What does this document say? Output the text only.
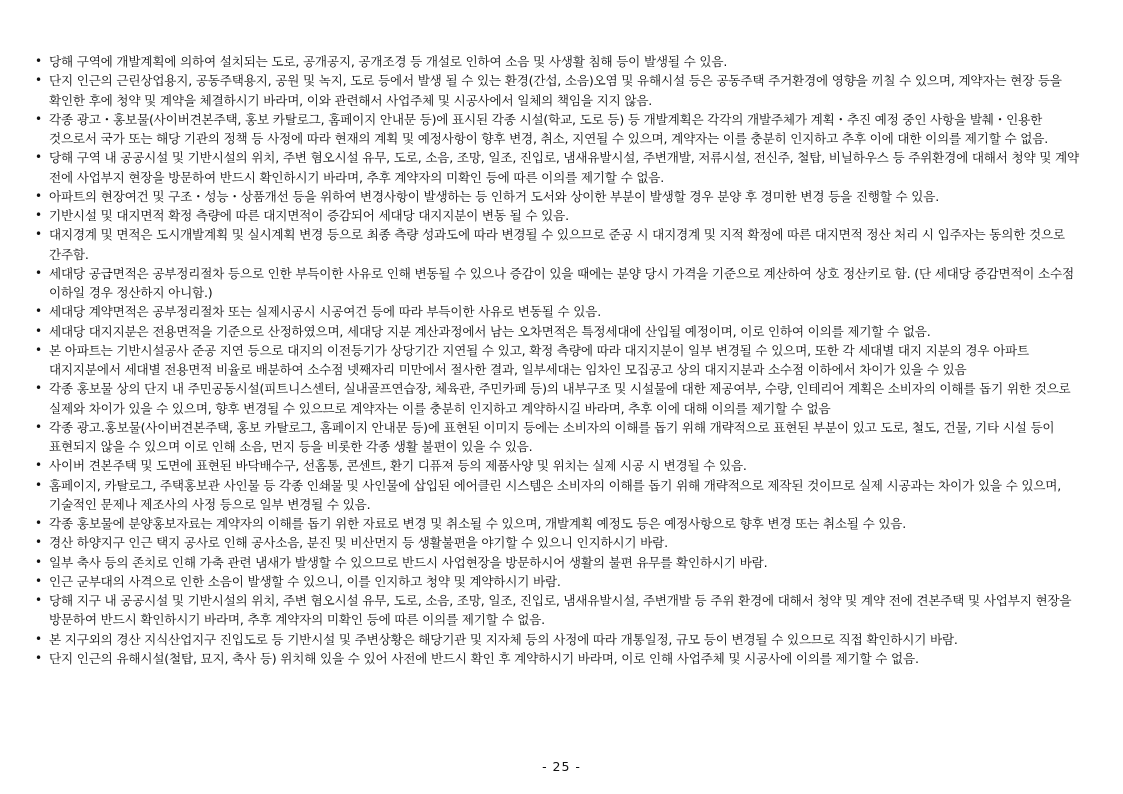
• 당해 구역에 개발계획에 의하여 설치되는 도로, 공개공지, 공개조경 등 개설로 인하여 소음 및 사생활 침해 등이 발생될 수 있음.
• 단지 인근의 근린상업용지, 공동주택용지, 공원 및 녹지, 도로 등에서 발생 될 수 있는 환경(간섭, 소음)오염 및 유해시설 등은 공동주택 주거환경에 영향을 끼칠 수 있으며, 계약자는 현장 등을 확인한 후에 청약 및 계약을 체결하시기 바라며, 이와 관련해서 사업주체 및 시공사에서 일체의 책임을 지지 않음.
• 각종 광고・홍보물(사이버견본주택, 홍보 카탈로그, 홈페이지 안내문 등)에 표시된 각종 시설(학교, 도로 등) 등 개발계획은 각각의 개발주체가 계획・추진 예정 중인 사항을 발췌・인용한 것으로서 국가 또는 해당 기관의 정책 등 사정에 따라 현재의 계획 및 예정사항이 향후 변경, 취소, 지연될 수 있으며, 계약자는 이를 충분히 인지하고 추후 이에 대한 이의를 제기할 수 없음.
• 당해 구역 내 공공시설 및 기반시설의 위치, 주변 혐오시설 유무, 도로, 소음, 조망, 일조, 진입로, 냄새유발시설, 주변개발, 저류시설, 전신주, 철탑, 비닐하우스 등 주위환경에 대해서 청약 및 계약 전에 사업부지 현장을 방문하여 반드시 확인하시기 바라며, 추후 계약자의 미확인 등에 따른 이의를 제기할 수 없음.
• 아파트의 현장여건 및 구조・성능・상품개선 등을 위하여 변경사항이 발생하는 등 인하거 도서와 상이한 부분이 발생할 경우 분양 후 경미한 변경 등을 진행할 수 있음.
• 기반시설 및 대지면적 확정 측량에 따른 대지면적이 증감되어 세대당 대지지분이 변동 될 수 있음.
• 대지경계 및 면적은 도시개발계획 및 실시계획 변경 등으로 최종 측량 성과도에 따라 변경될 수 있으므로 준공 시 대지경계 및 지적 확정에 따른 대지면적 정산 처리 시 입주자는 동의한 것으로 간주함.
• 세대당 공급면적은 공부정리절차 등으로 인한 부득이한 사유로 인해 변동될 수 있으나 증감이 있을 때에는 분양 당시 가격을 기준으로 계산하여 상호 정산키로 함. (단 세대당 증감면적이 소수점 이하일 경우 정산하지 아니함.)
• 세대당 계약면적은 공부정리절차 또는 실제시공시 시공여건 등에 따라 부득이한 사유로 변동될 수 있음.
• 세대당 대지지분은 전용면적을 기준으로 산정하였으며, 세대당 지분 계산과정에서 남는 오차면적은 특정세대에 산입될 예정이며, 이로 인하여 이의를 제기할 수 없음.
• 본 아파트는 기반시설공사 준공 지연 등으로 대지의 이전등기가 상당기간 지연될 수 있고, 확정 측량에 따라 대지지분이 일부 변경될 수 있으며, 또한 각 세대별 대지 지분의 경우 아파트 대지지분에서 세대별 전용면적 비율로 배분하여 소수점 넷째자리 미만에서 절사한 결과, 일부세대는 임차인 모집공고 상의 대지지분과 소수점 이하에서 차이가 있을 수 있음
• 각종 홍보물 상의 단지 내 주민공동시설(피트니스센터, 실내골프연습장, 체육관, 주민카페 등)의 내부구조 및 시설물에 대한 제공여부, 수량, 인테리어 계획은 소비자의 이해를 돕기 위한 것으로 실제와 차이가 있을 수 있으며, 향후 변경될 수 있으므로 계약자는 이를 충분히 인지하고 계약하시길 바라며, 추후 이에 대해 이의를 제기할 수 없음
• 각종 광고․홍보물(사이버견본주택, 홍보 카탈로그, 홈페이지 안내문 등)에 표현된 이미지 등에는 소비자의 이해를 돕기 위해 개략적으로 표현된 부분이 있고 도로, 철도, 건물, 기타 시설 등이 표현되지 않을 수 있으며 이로 인해 소음, 먼지 등을 비롯한 각종 생활 불편이 있을 수 있음.
• 사이버 견본주택 및 도면에 표현된 바닥배수구, 선홈통, 콘센트, 환기 디퓨져 등의 제품사양 및 위치는 실제 시공 시 변경될 수 있음.
• 홈페이지, 카탈로그, 주택홍보관 사인물 등 각종 인쇄물 및 사인물에 삽입된 에어클린 시스템은 소비자의 이해를 돕기 위해 개략적으로 제작된 것이므로 실제 시공과는 차이가 있을 수 있으며, 기술적인 문제나 제조사의 사정 등으로 일부 변경될 수 있음.
• 각종 홍보물에 분양홍보자료는 계약자의 이해를 돕기 위한 자료로 변경 및 취소될 수 있으며, 개발계획 예정도 등은 예정사항으로 향후 변경 또는 취소될 수 있음.
• 경산 하양지구 인근 택지 공사로 인해 공사소음, 분진 및 비산먼지 등 생활불편을 야기할 수 있으니 인지하시기 바람.
• 일부 축사 등의 존치로 인해 가축 관련 냄새가 발생할 수 있으므로 반드시 사업현장을 방문하시어 생활의 불편 유무를 확인하시기 바람.
• 인근 군부대의 사격으로 인한 소음이 발생할 수 있으니, 이를 인지하고 청약 및 계약하시기 바람.
• 당해 지구 내 공공시설 및 기반시설의 위치, 주변 혐오시설 유무, 도로, 소음, 조망, 일조, 진입로, 냄새유발시설, 주변개발 등 주위 환경에 대해서 청약 및 계약 전에 견본주택 및 사업부지 현장을 방문하여 반드시 확인하시기 바라며, 추후 계약자의 미확인 등에 따른 이의를 제기할 수 없음.
• 본 지구외의 경산 지식산업지구 진입도로 등 기반시설 및 주변상황은 해당기관 및 지자체 등의 사정에 따라 개통일정, 규모 등이 변경될 수 있으므로 직접 확인하시기 바람.
• 단지 인근의 유해시설(철탑, 묘지, 축사 등) 위치해 있을 수 있어 사전에 반드시 확인 후 계약하시기 바라며, 이로 인해 사업주체 및 시공사에 이의를 제기할 수 없음.
- 25 -
